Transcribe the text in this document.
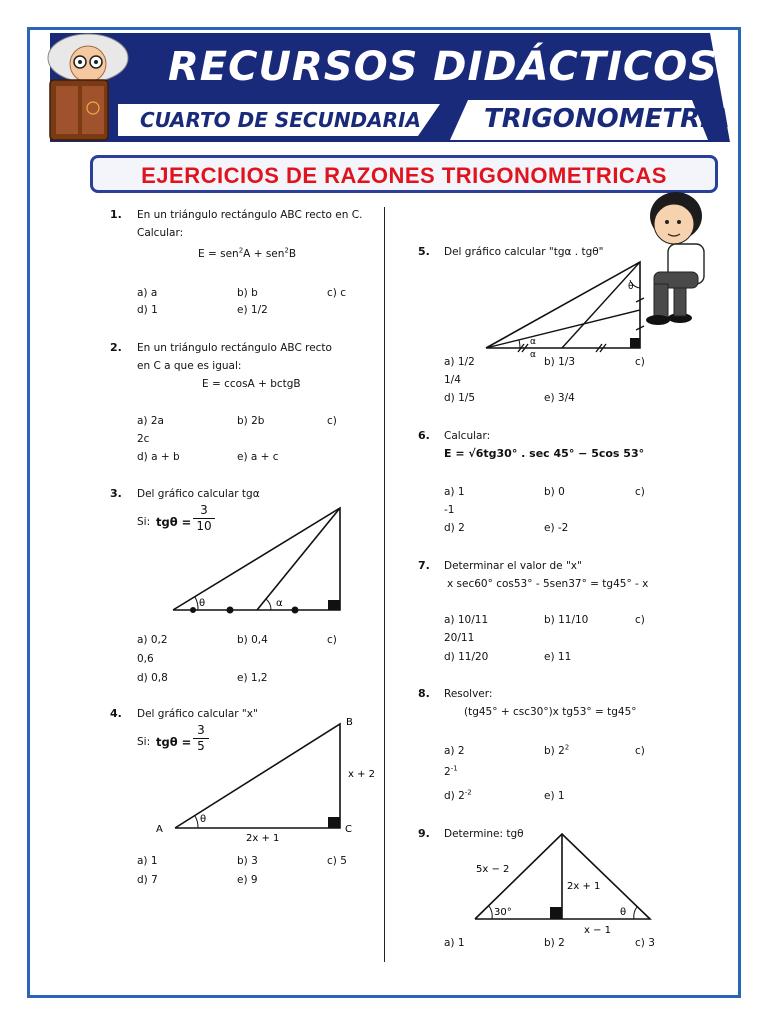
RECURSOS DIDÁCTICOS
CUARTO DE SECUNDARIA TRIGONOMETRÍA
EJERCICIOS DE RAZONES TRIGONOMETRICAS
1. En un triángulo rectángulo ABC recto en C.
Calcular:
E = sen$^2$A + sen$^2$B
a) a	b) b	c) c
d) 1	e) 1/2
2. En un triángulo rectángulo ABC recto
en C a que es igual:
E = ccosA + bctgB
a) 2a	b) 2b	c)
2c
d) a + b	e) a + c
3. Del gráfico calcular tgα
Si: $tg\theta = \frac{3}{10}$
θ	α
a) 0,2	b) 0,4	c)
0,6
d) 0,8	e) 1,2
4. Del gráfico calcular "x"
Si: $tg\theta = \frac{3}{5}$
θ
A
B
C
x + 2
2x + 1
a) 1	b) 3	c) 5
d) 7	e) 9
5. Del gráfico calcular "tgα . tgθ"
θ
α
α
a) 1/2	b) 1/3	c)
1/4
d) 1/5	e) 3/4
6. Calcular:
E = √6tg30° . sec 45° − 5cos 53°
a) 1	b) 0	c)
-1
d) 2	e) -2
7. Determinar el valor de "x"
x sec60° cos53° - 5sen37° = tg45° - x
a) 10/11	b) 11/10	c)
20/11
d) 11/20	e) 11
8. Resolver:
(tg45° + csc30°)x tg53° = tg45°
a) 2	b) $2^2$	c)
$2^{-1}$
d) $2^{-2}$	e) 1
9. Determine: tgθ
30°	θ
5x − 2
2x + 1
x − 1
a) 1	b) 2	c) 3
